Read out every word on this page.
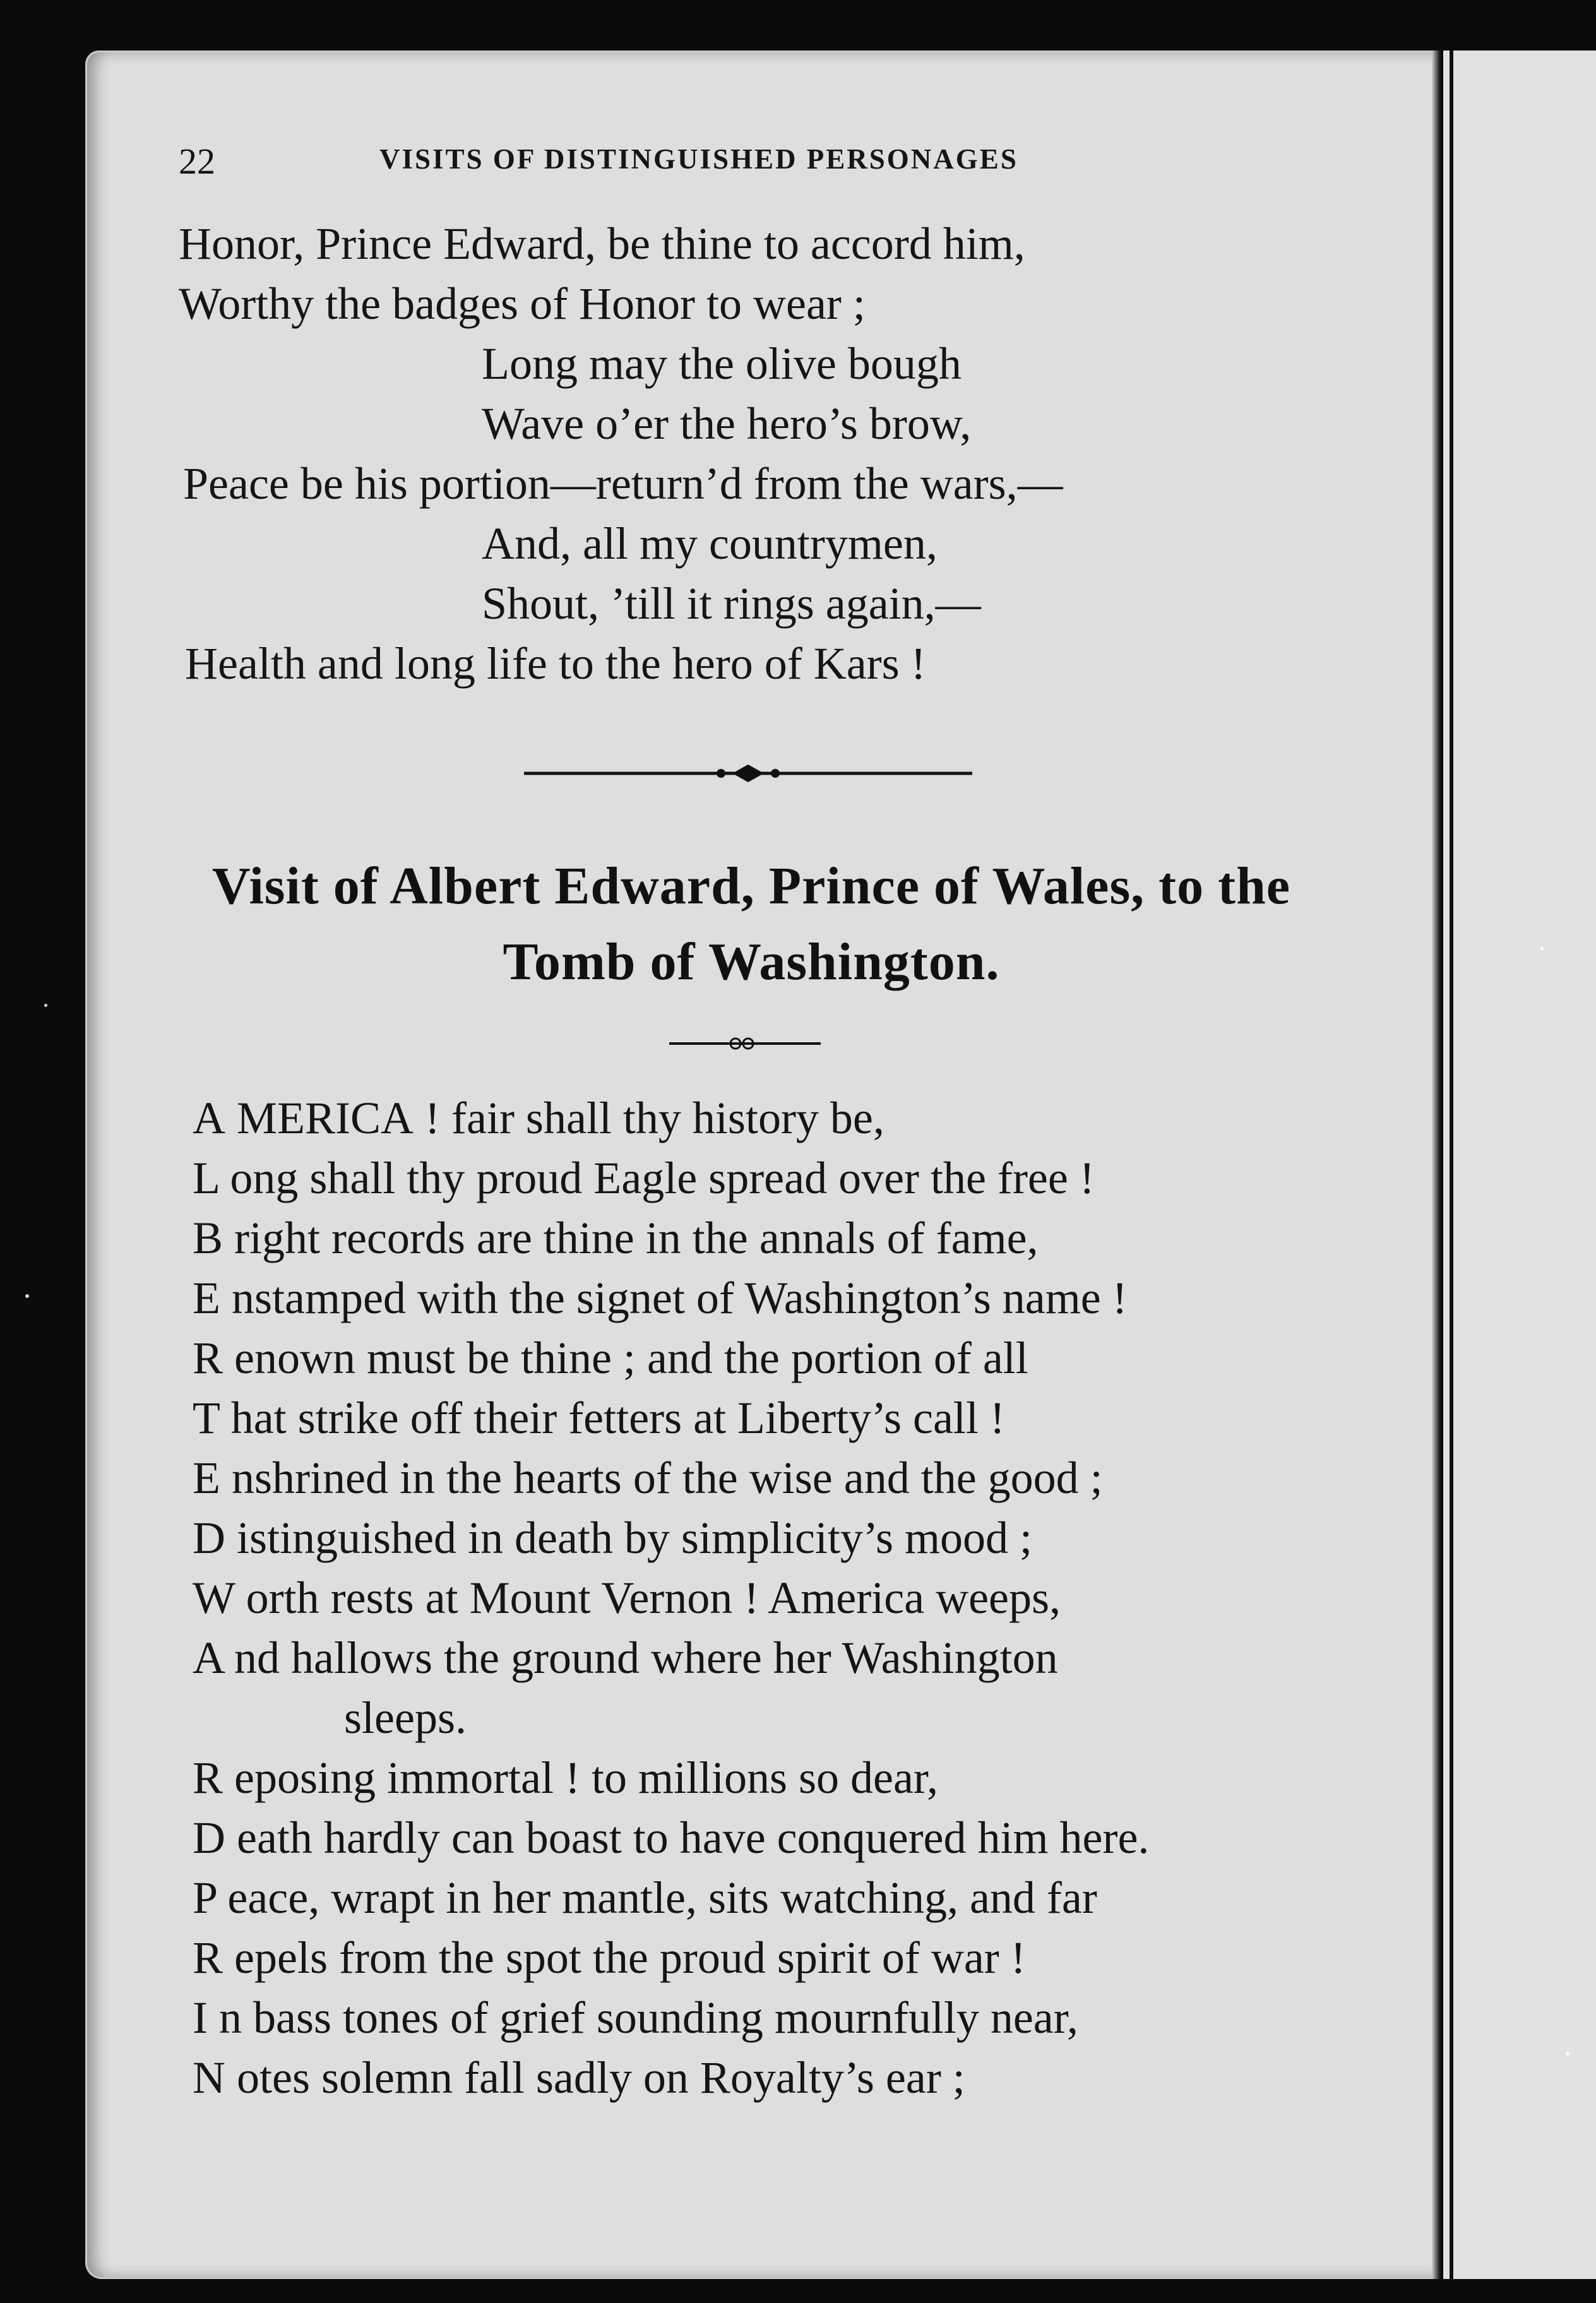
22	VISITS OF DISTINGUISHED PERSONAGES
Honor, Prince Edward, be thine to accord him,
Worthy the badges of Honor to wear ;
Long may the olive bough
Wave o’er the hero’s brow,
Peace be his portion—return’d from the wars,—
And, all my countrymen,
Shout, ’till it rings again,—
Health and long life to the hero of Kars !
Visit of Albert Edward, Prince of Wales, to the
Tomb of Washington.
A MERICA ! fair shall thy history be,
L ong shall thy proud Eagle spread over the free !
B right records are thine in the annals of fame,
E nstamped with the signet of Washington’s name !
R enown must be thine ; and the portion of all
T hat strike off their fetters at Liberty’s call !
E nshrined in the hearts of the wise and the good ;
D istinguished in death by simplicity’s mood ;
W orth rests at Mount Vernon ! America weeps,
A nd hallows the ground where her Washington
sleeps.
R eposing immortal ! to millions so dear,
D eath hardly can boast to have conquered him here.
P eace, wrapt in her mantle, sits watching, and far
R epels from the spot the proud spirit of war !
I n bass tones of grief sounding mournfully near,
N otes solemn fall sadly on Royalty’s ear ;
